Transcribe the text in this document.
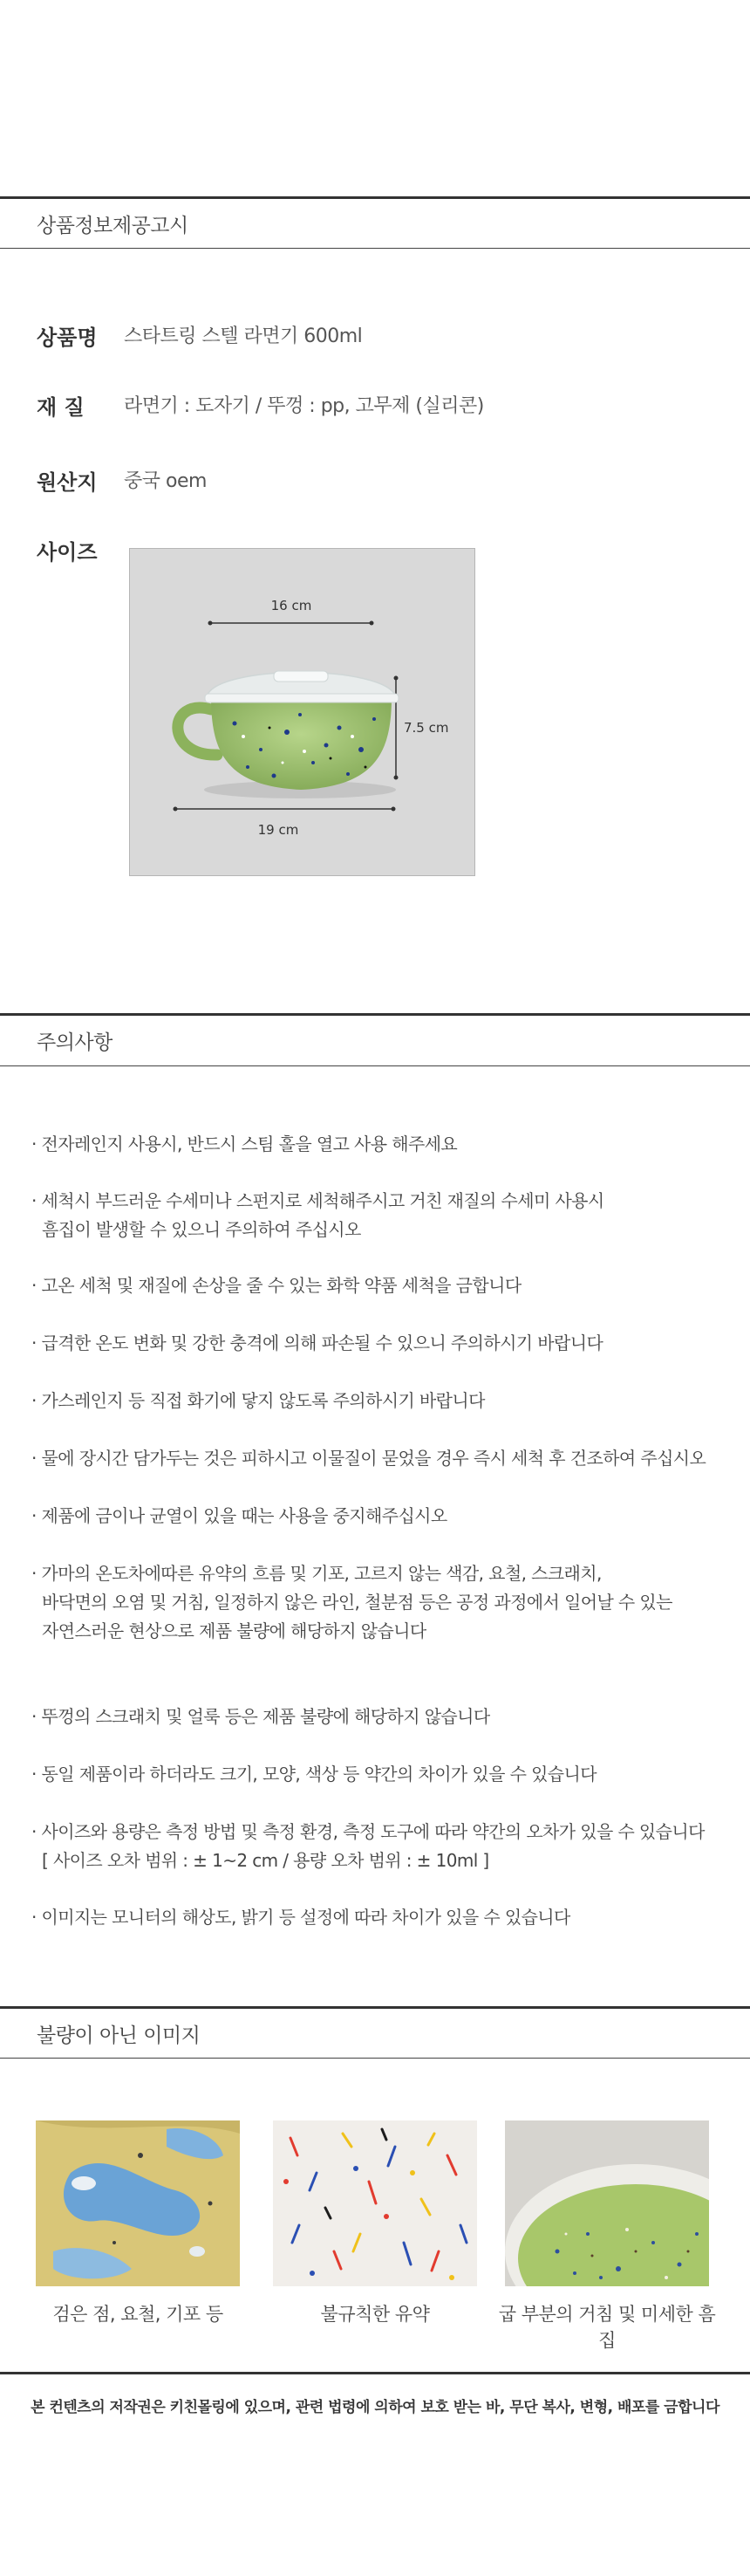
상품정보제공고시
상품명 스타트링 스텔 라면기 600ml
재 질 라면기 : 도자기 / 뚜껑 : pp, 고무제 (실리콘)
원산지 중국 oem
사이즈
16 cm
7.5 cm
19 cm
주의사항
· 전자레인지 사용시, 반드시 스팀 홀을 열고 사용 해주세요
· 세척시 부드러운 수세미나 스펀지로 세척해주시고 거친 재질의 수세미 사용시
흠집이 발생할 수 있으니 주의하여 주십시오
· 고온 세척 및 재질에 손상을 줄 수 있는 화학 약품 세척을 금합니다
· 급격한 온도 변화 및 강한 충격에 의해 파손될 수 있으니 주의하시기 바랍니다
· 가스레인지 등 직접 화기에 닿지 않도록 주의하시기 바랍니다
· 물에 장시간 담가두는 것은 피하시고 이물질이 묻었을 경우 즉시 세척 후 건조하여 주십시오
· 제품에 금이나 균열이 있을 때는 사용을 중지해주십시오
· 가마의 온도차에따른 유약의 흐름 및 기포, 고르지 않는 색감, 요철, 스크래치,
바닥면의 오염 및 거침, 일정하지 않은 라인, 철분점 등은 공정 과정에서 일어날 수 있는
자연스러운 현상으로 제품 불량에 해당하지 않습니다
· 뚜껑의 스크래치 및 얼룩 등은 제품 불량에 해당하지 않습니다
· 동일 제품이라 하더라도 크기, 모양, 색상 등 약간의 차이가 있을 수 있습니다
· 사이즈와 용량은 측정 방법 및 측정 환경, 측정 도구에 따라 약간의 오차가 있을 수 있습니다
[ 사이즈 오차 범위 : ± 1~2 cm / 용량 오차 범위 : ± 10ml ]
· 이미지는 모니터의 해상도, 밝기 등 설정에 따라 차이가 있을 수 있습니다
불량이 아닌 이미지
검은 점, 요철, 기포 등	불규칙한 유약	굽 부분의 거침 및 미세한 흠집
본 컨텐츠의 저작권은 키친몰링에 있으며, 관련 법령에 의하여 보호 받는 바, 무단 복사, 변형, 배포를 금합니다
